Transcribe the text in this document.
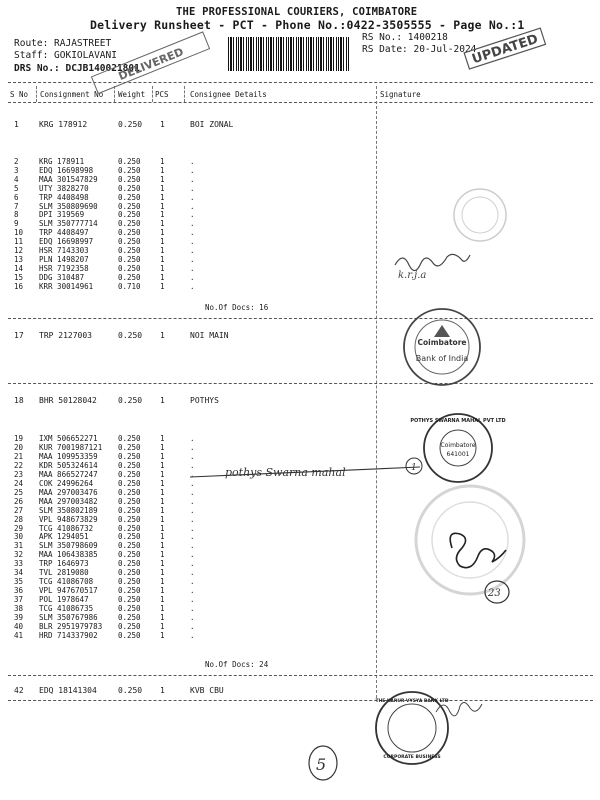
THE PROFESSIONAL COURIERS, COIMBATORE
Delivery Runsheet - PCT - Phone No.:0422-3505555 - Page No.:1
Route: RAJASTREET
Staff: GOKIOLAVANI
DRS No.: DCJB140021801
RS No.: 1400218
RS Date: 20-Jul-2024
S No Consignment No Weight PCS	Consignee Details	Signature
1	KRG 178912	0.250 1	BOI ZONAL
2	KRG 178911	0.250	1	.
3	EDQ 16698998	0.250	1	.
4	MAA 301547829	0.250	1	.
5	UTY 3828270	0.250	1	.
6	TRP 4408498	0.250	1	.
7	SLM 350809690	0.250	1	.
8	DPI 319569	0.250	1	.
9	SLM 350777714	0.250	1	.
10 TRP 4408497	0.250	1	.
11 EDQ 16698997	0.250	1	.
12 HSR 7143303	0.250	1	.
13 PLN 1498207	0.250	1	.
14 HSR 7192358	0.250	1	.
15 DDG 310487	0.250	1	.
16 KRR 30014961	0.710	1	.
No.Of Docs: 16
17 TRP 2127003	0.250 1	NOI MAIN
18 BHR 50128042	0.250 1	POTHYS
19 IXM 506652271	0.250	1	.
20 KUR 7001987121 0.250	1	.
21 MAA 109953359	0.250	1	.
22 KDR 505324614	0.250	1	.
23 MAA 866527247	0.250	1	.
24 COK 24996264	0.250	1	.
25 MAA 297003476	0.250	1	.
26 MAA 297003482	0.250	1	.
27 SLM 350802189	0.250	1	.
28 VPL 948673829	0.250	1	.
29 TCG 41086732	0.250	1	.
30 APK 1294051	0.250	1	.
31 SLM 350798609	0.250	1	.
32 MAA 106438385	0.250	1	.
33 TRP 1646973	0.250	1	.
34 TVL 2819080	0.250	1	.
35 TCG 41086708	0.250	1	.
36 VPL 947670517	0.250	1	.
37 POL 1978647	0.250	1	.
38 TCG 41086735	0.250	1	.
39 SLM 350767986	0.250	1	.
40 BLR 2951979783 0.250	1	.
41 HRD 714337902	0.250	1	.
No.Of Docs: 24
42 EDQ 18141304	0.250 1	KVB CBU
UPDATED
DELIVERED
Coimbatore
Bank of India
Coimbatore
641001
POTHYS SWARNA MAHAL PVT LTD
THE KARUR VYSYA BANK LTD
CORPORATE BUSINESS
k.r.j.a
pothys Swarna mahal	1
23
5
